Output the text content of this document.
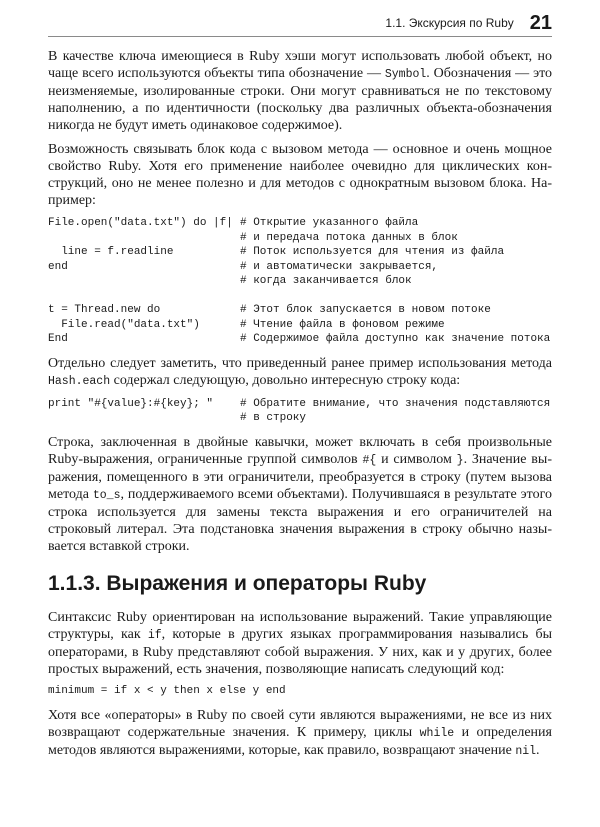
1.1. Экскурсия по Ruby 21

В качестве ключа имеющиеся в Ruby хэши могут использовать любой объект, но чаще всего используются объекты типа обозначение — Symbol. Обозначения — это неизменяемые, изолированные строки. Они могут сравниваться не по текстовому наполнению, а по идентичности (поскольку два различных объекта-обозначения никогда не будут иметь одинаковое содержимое).

Возможность связывать блок кода с вызовом метода — основное и очень мощное свойство Ruby. Хотя его применение наиболее очевидно для циклических конструкций, оно не менее полезно и для методов с однократным вызовом блока. Например:

File.open("data.txt") do |f| # Открытие указанного файла
# и передача потока данных в блок
line = f.readline	# Поток используется для чтения из файла
end	# и автоматически закрывается,
# когда заканчивается блок
t = Thread.new do	# Этот блок запускается в новом потоке
File.read("data.txt")	# Чтение файла в фоновом режиме
End	# Содержимое файла доступно как значение потока

Отдельно следует заметить, что приведенный ранее пример использования метода Hash.each содержал следующую, довольно интересную строку кода:

print "#{value}:#{key}; "	# Обратите внимание, что значения подставляются
# в строку

Строка, заключенная в двойные кавычки, может включать в себя произвольные Ruby-выражения, ограниченные группой символов #{ и символом }. Значение выражения, помещенного в эти ограничители, преобразуется в строку (путем вызова метода to_s, поддерживаемого всеми объектами). Получившаяся в результате этого строка используется для замены текста выражения и его ограничителей на строковый литерал. Эта подстановка значения выражения в строку обычно называется вставкой строки.

1.1.3. Выражения и операторы Ruby

Синтаксис Ruby ориентирован на использование выражений. Такие управляющие структуры, как if, которые в других языках программирования назывались бы операторами, в Ruby представляют собой выражения. У них, как и у других, более простых выражений, есть значения, позволяющие написать следующий код:

minimum = if x < y then x else y end

Хотя все «операторы» в Ruby по своей сути являются выражениями, не все из них возвращают содержательные значения. К примеру, циклы while и определения методов являются выражениями, которые, как правило, возвращают значение nil.
